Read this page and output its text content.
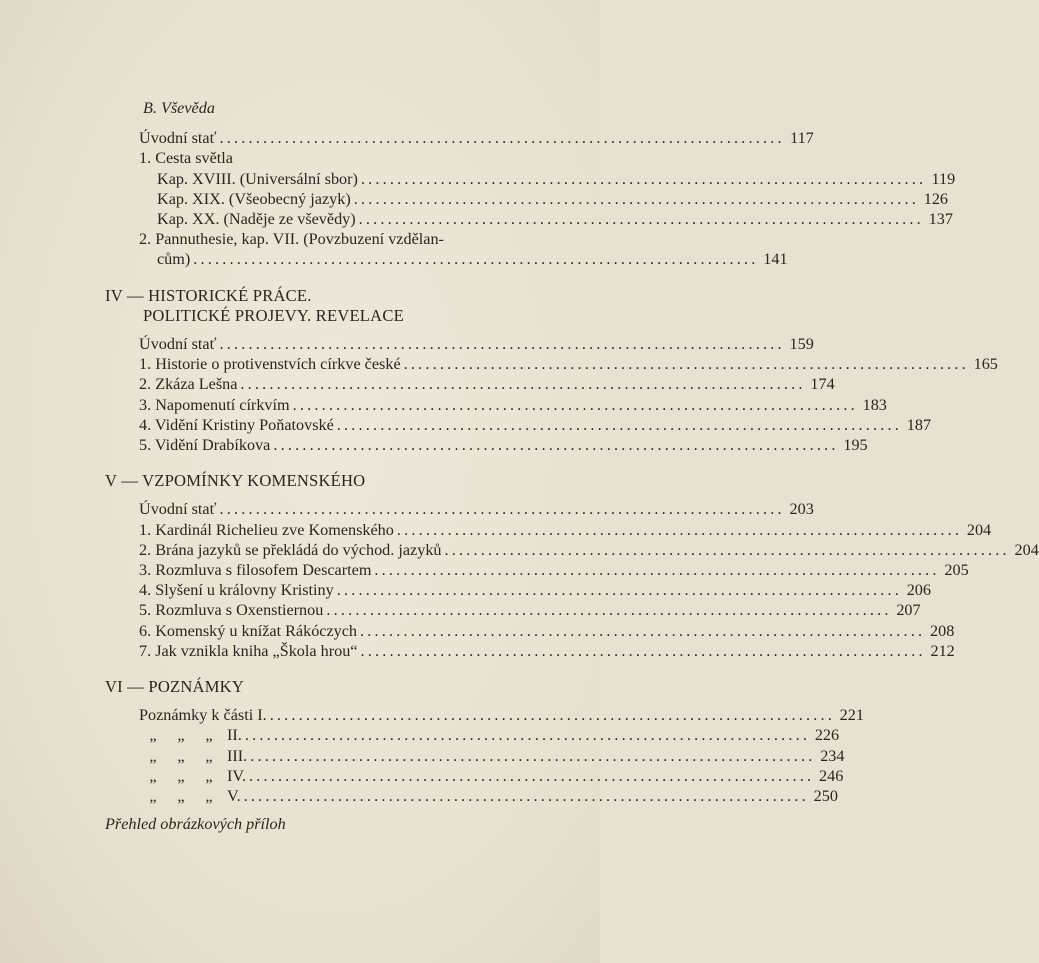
B. Vševěda
Úvodní stať .............................................................................. 117
1. Cesta světla
Kap. XVIII. (Universální sbor) .............................................................................. 119
Kap. XIX. (Všeobecný jazyk) .............................................................................. 126
Kap. XX. (Naděje ze vševědy) .............................................................................. 137
2. Pannuthesie, kap. VII. (Povzbuzení vzdělan-
cům) .............................................................................. 141
IV — HISTORICKÉ PRÁCE.
POLITICKÉ PROJEVY. REVELACE
Úvodní stať .............................................................................. 159
1. Historie o protivenstvích církve české .............................................................................. 165
2. Zkáza Lešna .............................................................................. 174
3. Napomenutí církvím .............................................................................. 183
4. Vidění Kristiny Poňatovské .............................................................................. 187
5. Vidění Drabíkova .............................................................................. 195
V — VZPOMÍNKY KOMENSKÉHO
Úvodní stať .............................................................................. 203
1. Kardinál Richelieu zve Komenského .............................................................................. 204
2. Brána jazyků se překládá do východ. jazyků .............................................................................. 204
3. Rozmluva s filosofem Descartem .............................................................................. 205
4. Slyšení u královny Kristiny .............................................................................. 206
5. Rozmluva s Oxenstiernou .............................................................................. 207
6. Komenský u knížat Rákóczych .............................................................................. 208
7. Jak vznikla kniha „Škola hrou“ .............................................................................. 212
VI — POZNÁMKY
Poznámky k části I. .............................................................................. 221
„	„	„ II. .............................................................................. 226
„	„	„ III. .............................................................................. 234
„	„	„ IV. .............................................................................. 246
„	„	„ V. .............................................................................. 250
Přehled obrázkových příloh
